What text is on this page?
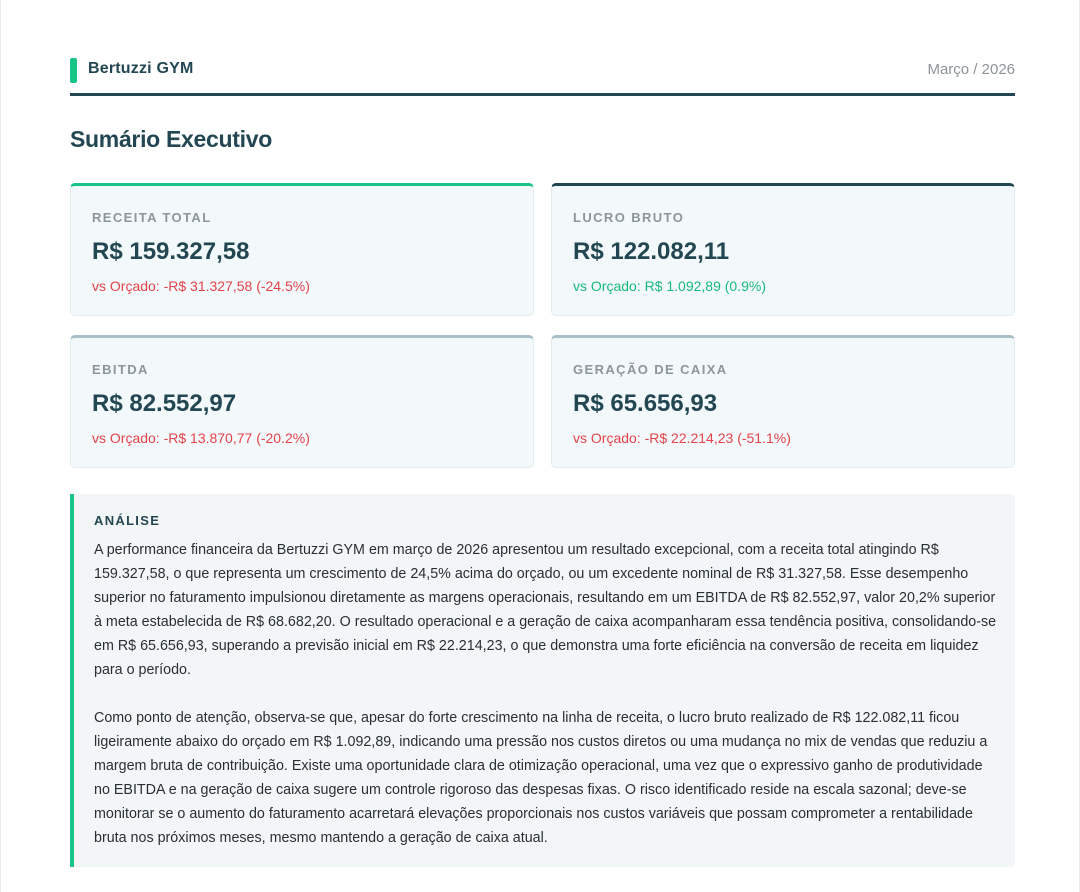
Bertuzzi GYM	Março / 2026
Sumário Executivo
RECEITA TOTAL
R$ 159.327,58
vs Orçado: -R$ 31.327,58 (-24.5%)
LUCRO BRUTO
R$ 122.082,11
vs Orçado: R$ 1.092,89 (0.9%)
EBITDA
R$ 82.552,97
vs Orçado: -R$ 13.870,77 (-20.2%)
GERAÇÃO DE CAIXA
R$ 65.656,93
vs Orçado: -R$ 22.214,23 (-51.1%)
ANÁLISE

A performance financeira da Bertuzzi GYM em março de 2026 apresentou um resultado excepcional, com a receita total atingindo R$ 159.327,58, o que representa um crescimento de 24,5% acima do orçado, ou um excedente nominal de R$ 31.327,58. Esse desempenho superior no faturamento impulsionou diretamente as margens operacionais, resultando em um EBITDA de R$ 82.552,97, valor 20,2% superior à meta estabelecida de R$ 68.682,20. O resultado operacional e a geração de caixa acompanharam essa tendência positiva, consolidando-se em R$ 65.656,93, superando a previsão inicial em R$ 22.214,23, o que demonstra uma forte eficiência na conversão de receita em liquidez para o período.

Como ponto de atenção, observa-se que, apesar do forte crescimento na linha de receita, o lucro bruto realizado de R$ 122.082,11 ficou ligeiramente abaixo do orçado em R$ 1.092,89, indicando uma pressão nos custos diretos ou uma mudança no mix de vendas que reduziu a margem bruta de contribuição. Existe uma oportunidade clara de otimização operacional, uma vez que o expressivo ganho de produtividade no EBITDA e na geração de caixa sugere um controle rigoroso das despesas fixas. O risco identificado reside na escala sazonal; deve-se monitorar se o aumento do faturamento acarretará elevações proporcionais nos custos variáveis que possam comprometer a rentabilidade bruta nos próximos meses, mesmo mantendo a geração de caixa atual.
